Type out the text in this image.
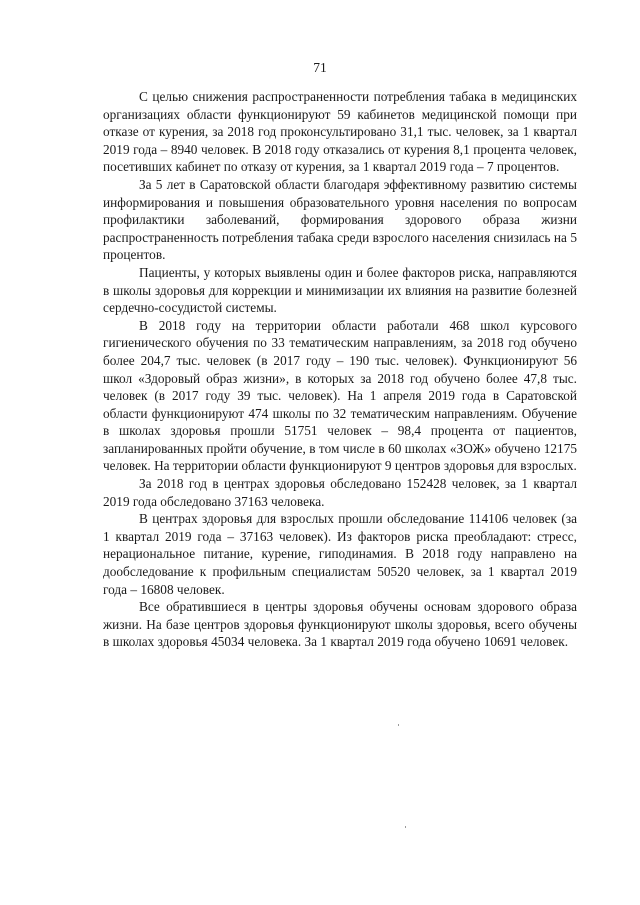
71

С целью снижения распространенности потребления табака в медицинских организациях области функционируют 59 кабинетов медицинской помощи при отказе от курения, за 2018 год проконсультировано 31,1 тыс. человек, за 1 квартал 2019 года – 8940 человек. В 2018 году отказались от курения 8,1 процента человек, посетивших кабинет по отказу от курения, за 1 квартал 2019 года – 7 процентов.

За 5 лет в Саратовской области благодаря эффективному развитию системы информирования и повышения образовательного уровня населения по вопросам профилактики заболеваний, формирования здорового образа жизни распространенность потребления табака среди взрослого населения снизилась на 5 процентов.

Пациенты, у которых выявлены один и более факторов риска, направляются в школы здоровья для коррекции и минимизации их влияния на развитие болезней сердечно-сосудистой системы.

В 2018 году на территории области работали 468 школ курсового гигиенического обучения по 33 тематическим направлениям, за 2018 год обучено более 204,7 тыс. человек (в 2017 году – 190 тыс. человек). Функционируют 56 школ «Здоровый образ жизни», в которых за 2018 год обучено более 47,8 тыс. человек (в 2017 году 39 тыс. человек). На 1 апреля 2019 года в Саратовской области функционируют 474 школы по 32 тематическим направлениям. Обучение в школах здоровья прошли 51751 человек – 98,4 процента от пациентов, запланированных пройти обучение, в том числе в 60 школах «ЗОЖ» обучено 12175 человек. На территории области функционируют 9 центров здоровья для взрослых.

За 2018 год в центрах здоровья обследовано 152428 человек, за 1 квартал 2019 года обследовано 37163 человека.

В центрах здоровья для взрослых прошли обследование 114106 человек (за 1 квартал 2019 года – 37163 человек). Из факторов риска преобладают: стресс, нерациональное питание, курение, гиподинамия. В 2018 году направлено на дообследование к профильным специалистам 50520 человек, за 1 квартал 2019 года – 16808 человек.

Все обратившиеся в центры здоровья обучены основам здорового образа жизни. На базе центров здоровья функционируют школы здоровья, всего обучены в школах здоровья 45034 человека. За 1 квартал 2019 года обучено 10691 человек.
